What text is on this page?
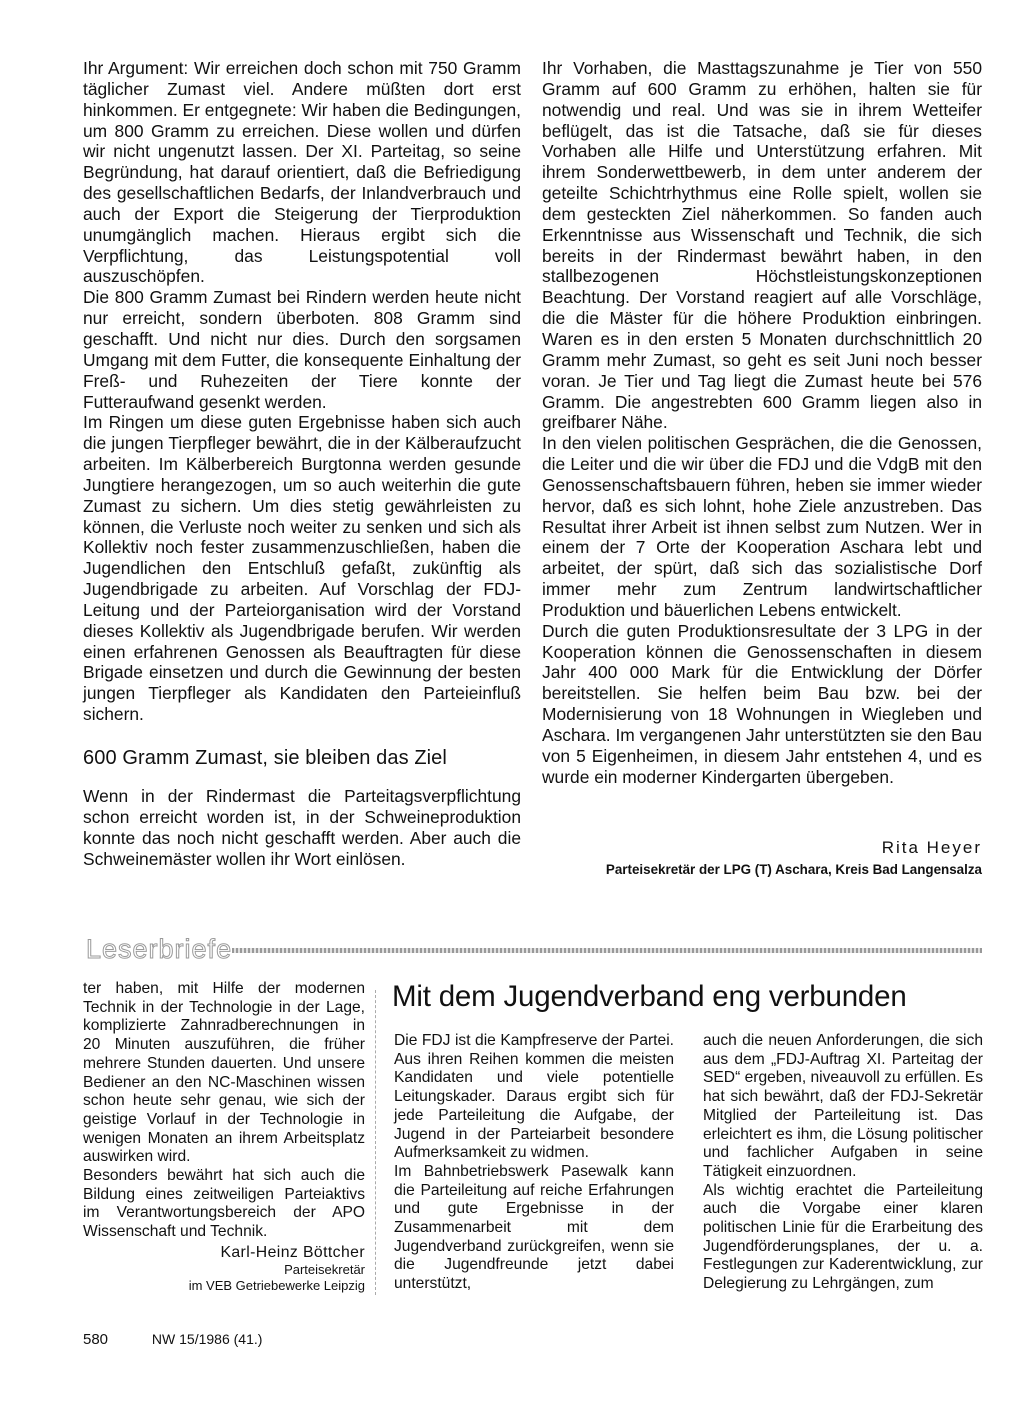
Ihr Argument: Wir erreichen doch schon mit 750 Gramm täglicher Zumast viel. Andere müßten dort erst hinkommen. Er entgegnete: Wir haben die Bedingungen, um 800 Gramm zu erreichen. Diese wollen und dürfen wir nicht ungenutzt lassen. Der XI. Parteitag, so seine Begründung, hat darauf orientiert, daß die Befriedigung des gesellschaftlichen Bedarfs, der Inlandverbrauch und auch der Export die Steigerung der Tierproduktion unumgänglich machen. Hieraus ergibt sich die Verpflichtung, das Leistungspotential voll auszuschöpfen.

Die 800 Gramm Zumast bei Rindern werden heute nicht nur erreicht, sondern überboten. 808 Gramm sind geschafft. Und nicht nur dies. Durch den sorgsamen Umgang mit dem Futter, die konsequente Einhaltung der Freß- und Ruhezeiten der Tiere konnte der Futteraufwand gesenkt werden.

Im Ringen um diese guten Ergebnisse haben sich auch die jungen Tierpfleger bewährt, die in der Kälberaufzucht arbeiten. Im Kälberbereich Burgtonna werden gesunde Jungtiere herangezogen, um so auch weiterhin die gute Zumast zu sichern. Um dies stetig gewährleisten zu können, die Verluste noch weiter zu senken und sich als Kollektiv noch fester zusammenzuschließen, haben die Jugendlichen den Entschluß gefaßt, zukünftig als Jugendbrigade zu arbeiten. Auf Vorschlag der FDJ-Leitung und der Parteiorganisation wird der Vorstand dieses Kollektiv als Jugendbrigade berufen. Wir werden einen erfahrenen Genossen als Beauftragten für diese Brigade einsetzen und durch die Gewinnung der besten jungen Tierpfleger als Kandidaten den Parteieinfluß sichern.

600 Gramm Zumast, sie bleiben das Ziel

Wenn in der Rindermast die Parteitagsverpflichtung schon erreicht worden ist, in der Schweineproduktion konnte das noch nicht geschafft werden. Aber auch die Schweinemäster wollen ihr Wort einlösen.

Ihr Vorhaben, die Masttagszunahme je Tier von 550 Gramm auf 600 Gramm zu erhöhen, halten sie für notwendig und real. Und was sie in ihrem Wetteifer beflügelt, das ist die Tatsache, daß sie für dieses Vorhaben alle Hilfe und Unterstützung erfahren. Mit ihrem Sonderwettbewerb, in dem unter anderem der geteilte Schichtrhythmus eine Rolle spielt, wollen sie dem gesteckten Ziel näherkommen. So fanden auch Erkenntnisse aus Wissenschaft und Technik, die sich bereits in der Rindermast bewährt haben, in den stallbezogenen Höchstleistungskonzeptionen Beachtung. Der Vorstand reagiert auf alle Vorschläge, die die Mäster für die höhere Produktion einbringen. Waren es in den ersten 5 Monaten durchschnittlich 20 Gramm mehr Zumast, so geht es seit Juni noch besser voran. Je Tier und Tag liegt die Zumast heute bei 576 Gramm. Die angestrebten 600 Gramm liegen also in greifbarer Nähe.

In den vielen politischen Gesprächen, die die Genossen, die Leiter und die wir über die FDJ und die VdgB mit den Genossenschaftsbauern führen, heben sie immer wieder hervor, daß es sich lohnt, hohe Ziele anzustreben. Das Resultat ihrer Arbeit ist ihnen selbst zum Nutzen. Wer in einem der 7 Orte der Kooperation Aschara lebt und arbeitet, der spürt, daß sich das sozialistische Dorf immer mehr zum Zentrum landwirtschaftlicher Produktion und bäuerlichen Lebens entwickelt.

Durch die guten Produktionsresultate der 3 LPG in der Kooperation können die Genossenschaften in diesem Jahr 400 000 Mark für die Entwicklung der Dörfer bereitstellen. Sie helfen beim Bau bzw. bei der Modernisierung von 18 Wohnungen in Wiegleben und Aschara. Im vergangenen Jahr unterstützten sie den Bau von 5 Eigenheimen, in diesem Jahr entstehen 4, und es wurde ein moderner Kindergarten übergeben.

Rita Heyer
Parteisekretär der LPG (T) Aschara, Kreis Bad Langensalza
Leserbriefe

ter haben, mit Hilfe der modernen Technik in der Technologie in der Lage, komplizierte Zahnradberechnungen in 20 Minuten auszuführen, die früher mehrere Stunden dauerten. Und unsere Bediener an den NC-Maschinen wissen schon heute sehr genau, wie sich der geistige Vorlauf in der Technologie in wenigen Monaten an ihrem Arbeitsplatz auswirken wird.

Besonders bewährt hat sich auch die Bildung eines zeitweiligen Parteiaktivs im Verantwortungsbereich der APO Wissenschaft und Technik.

Karl-Heinz Böttcher
Parteisekretär
im VEB Getriebewerke Leipzig
Mit dem Jugendverband eng verbunden

Die FDJ ist die Kampfreserve der Partei. Aus ihren Reihen kommen die meisten Kandidaten und viele potentielle Leitungskader. Daraus ergibt sich für jede Parteileitung die Aufgabe, der Jugend in der Parteiarbeit besondere Aufmerksamkeit zu widmen.

Im Bahnbetriebswerk Pasewalk kann die Parteileitung auf reiche Erfahrungen und gute Ergebnisse in der Zusammenarbeit mit dem Jugendverband zurückgreifen, wenn sie die Jugendfreunde jetzt dabei unterstützt,

auch die neuen Anforderungen, die sich aus dem „FDJ-Auftrag XI. Parteitag der SED“ ergeben, niveauvoll zu erfüllen. Es hat sich bewährt, daß der FDJ-Sekretär Mitglied der Parteileitung ist. Das erleichtert es ihm, die Lösung politischer und fachlicher Aufgaben in seine Tätigkeit einzuordnen.

Als wichtig erachtet die Parteileitung auch die Vorgabe einer klaren politischen Linie für die Erarbeitung des Jugendförderungsplanes, der u. a. Festlegungen zur Kaderentwicklung, zur Delegierung zu Lehrgängen, zum

580	NW 15/1986 (41.)
